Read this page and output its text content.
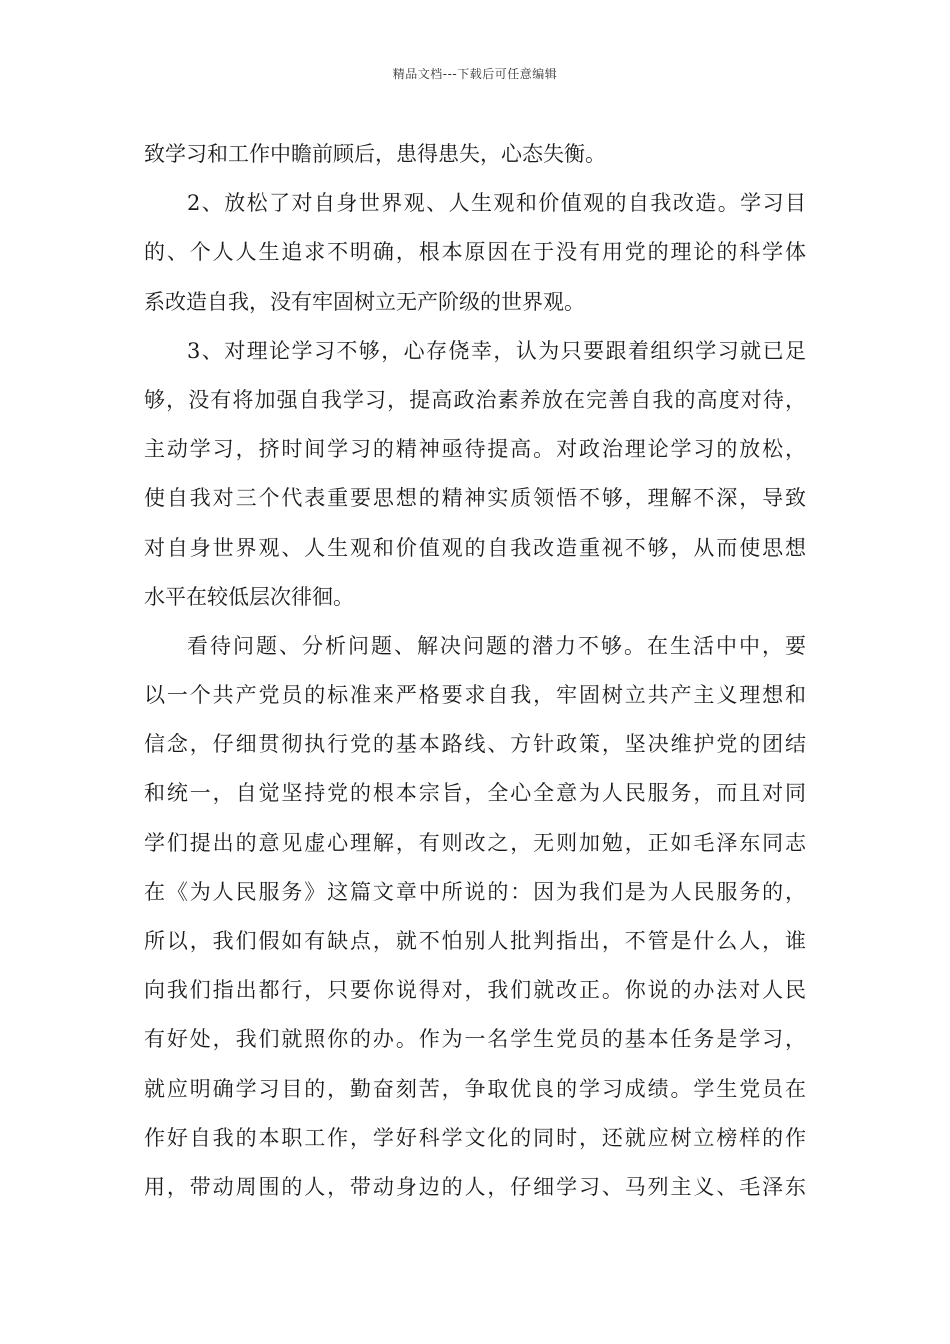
精品文档---下载后可任意编辑
致学习和工作中瞻前顾后，患得患失，心态失衡。
2、放松了对自身世界观、人生观和价值观的自我改造。学习目
的、个人人生追求不明确，根本原因在于没有用党的理论的科学体
系改造自我，没有牢固树立无产阶级的世界观。
3、对理论学习不够，心存侥幸，认为只要跟着组织学习就已足
够，没有将加强自我学习，提高政治素养放在完善自我的高度对待，
主动学习，挤时间学习的精神亟待提高。对政治理论学习的放松，
使自我对三个代表重要思想的精神实质领悟不够，理解不深，导致
对自身世界观、人生观和价值观的自我改造重视不够，从而使思想
水平在较低层次徘徊。
看待问题、分析问题、解决问题的潜力不够。在生活中中，要
以一个共产党员的标准来严格要求自我，牢固树立共产主义理想和
信念，仔细贯彻执行党的基本路线、方针政策，坚决维护党的团结
和统一，自觉坚持党的根本宗旨，全心全意为人民服务，而且对同
学们提出的意见虚心理解，有则改之，无则加勉，正如毛泽东同志
在《为人民服务》这篇文章中所说的：因为我们是为人民服务的，
所以，我们假如有缺点，就不怕别人批判指出，不管是什么人，谁
向我们指出都行，只要你说得对，我们就改正。你说的办法对人民
有好处，我们就照你的办。作为一名学生党员的基本任务是学习，
就应明确学习目的，勤奋刻苦，争取优良的学习成绩。学生党员在
作好自我的本职工作，学好科学文化的同时，还就应树立榜样的作
用，带动周围的人，带动身边的人，仔细学习、马列主义、毛泽东
